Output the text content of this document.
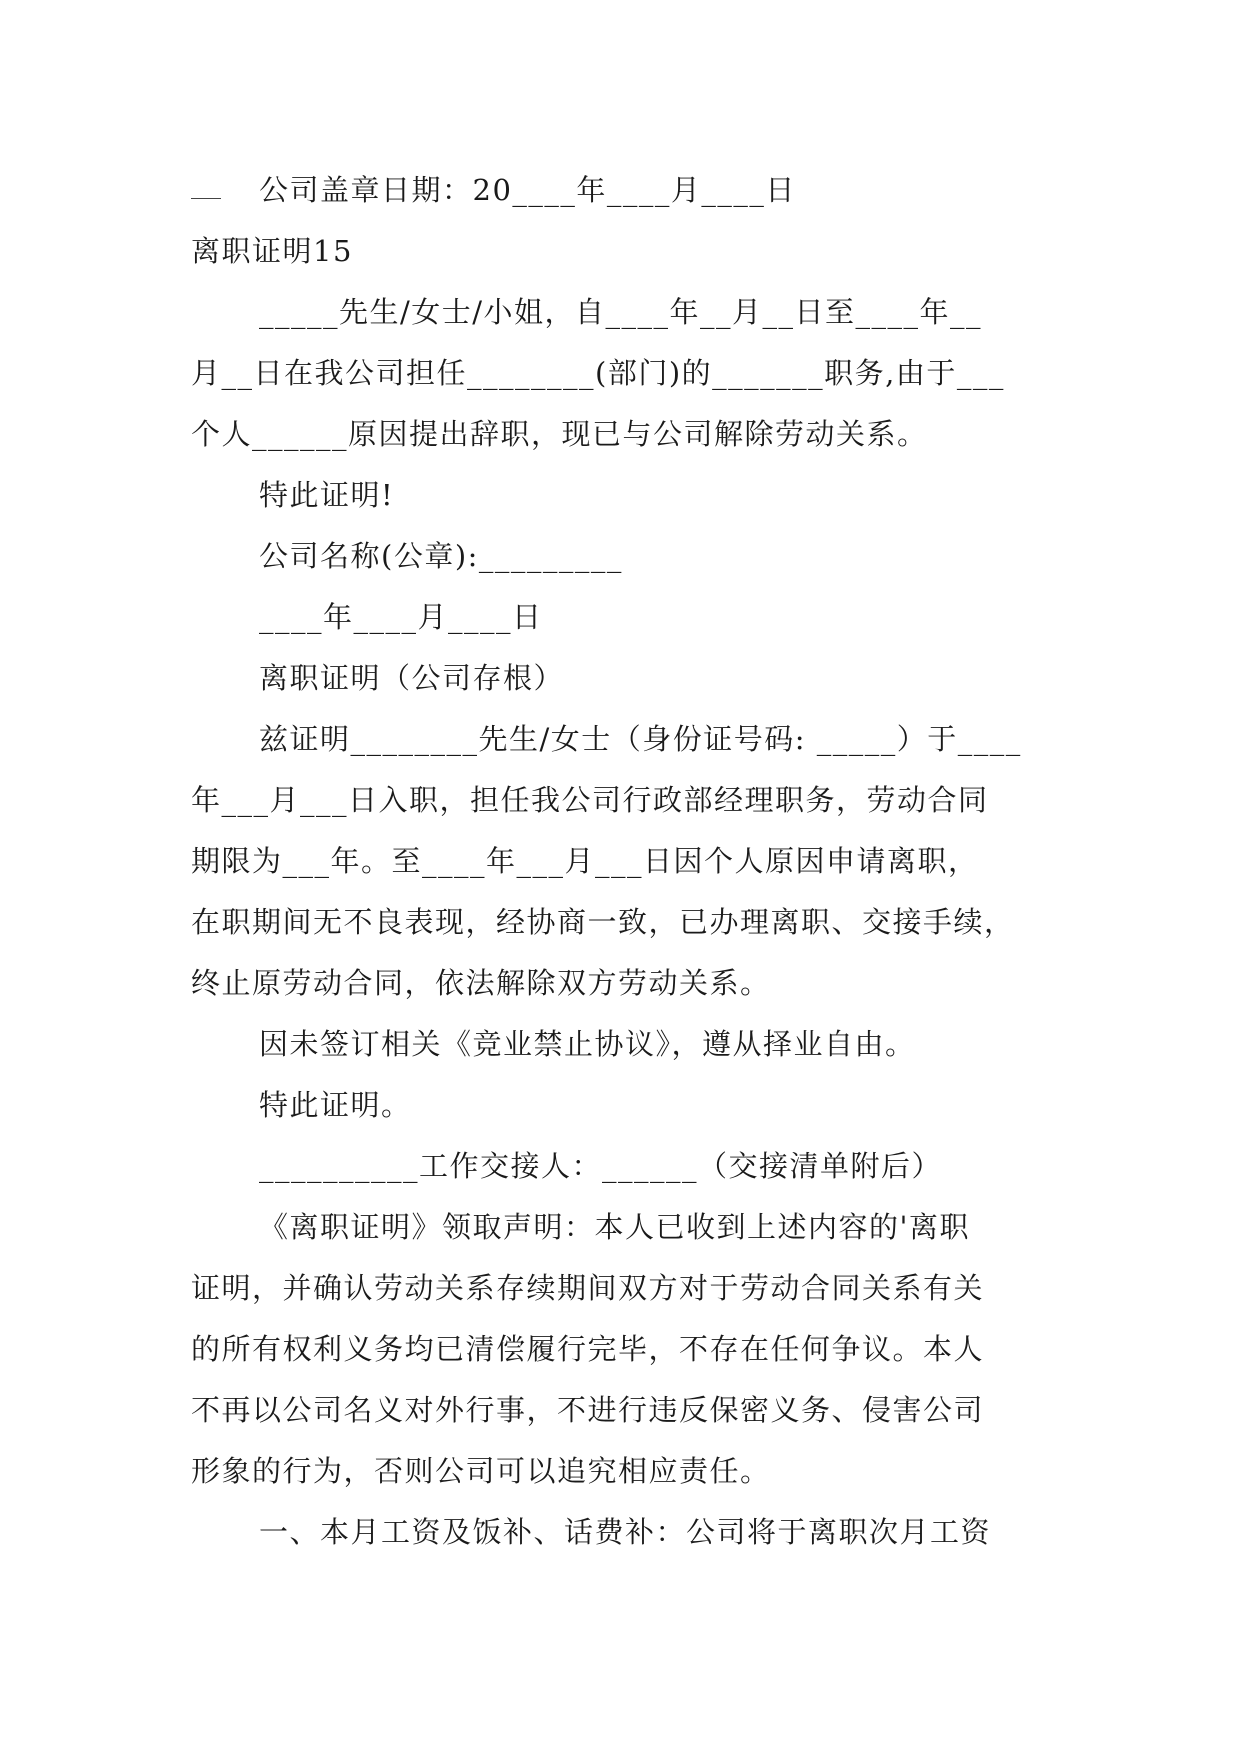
公司盖章日期：20____年____月____日
离职证明15
_____先生/女士/小姐，自____年__月__日至____年__
月__日在我公司担任________(部门)的_______职务,由于___
个人______原因提出辞职，现已与公司解除劳动关系。
特此证明!
公司名称(公章):_________
____年____月____日
离职证明（公司存根）
兹证明________先生/女士（身份证号码: _____）于____
年___月___日入职，担任我公司行政部经理职务，劳动合同
期限为___年。至____年___月___日因个人原因申请离职，
在职期间无不良表现，经协商一致，已办理离职、交接手续，
终止原劳动合同，依法解除双方劳动关系。
因未签订相关《竞业禁止协议》，遵从择业自由。
特此证明。
__________工作交接人：______（交接清单附后）
《离职证明》领取声明：本人已收到上述内容的'离职
证明，并确认劳动关系存续期间双方对于劳动合同关系有关
的所有权利义务均已清偿履行完毕，不存在任何争议。本人
不再以公司名义对外行事，不进行违反保密义务、侵害公司
形象的行为，否则公司可以追究相应责任。
一、本月工资及饭补、话费补：公司将于离职次月工资
